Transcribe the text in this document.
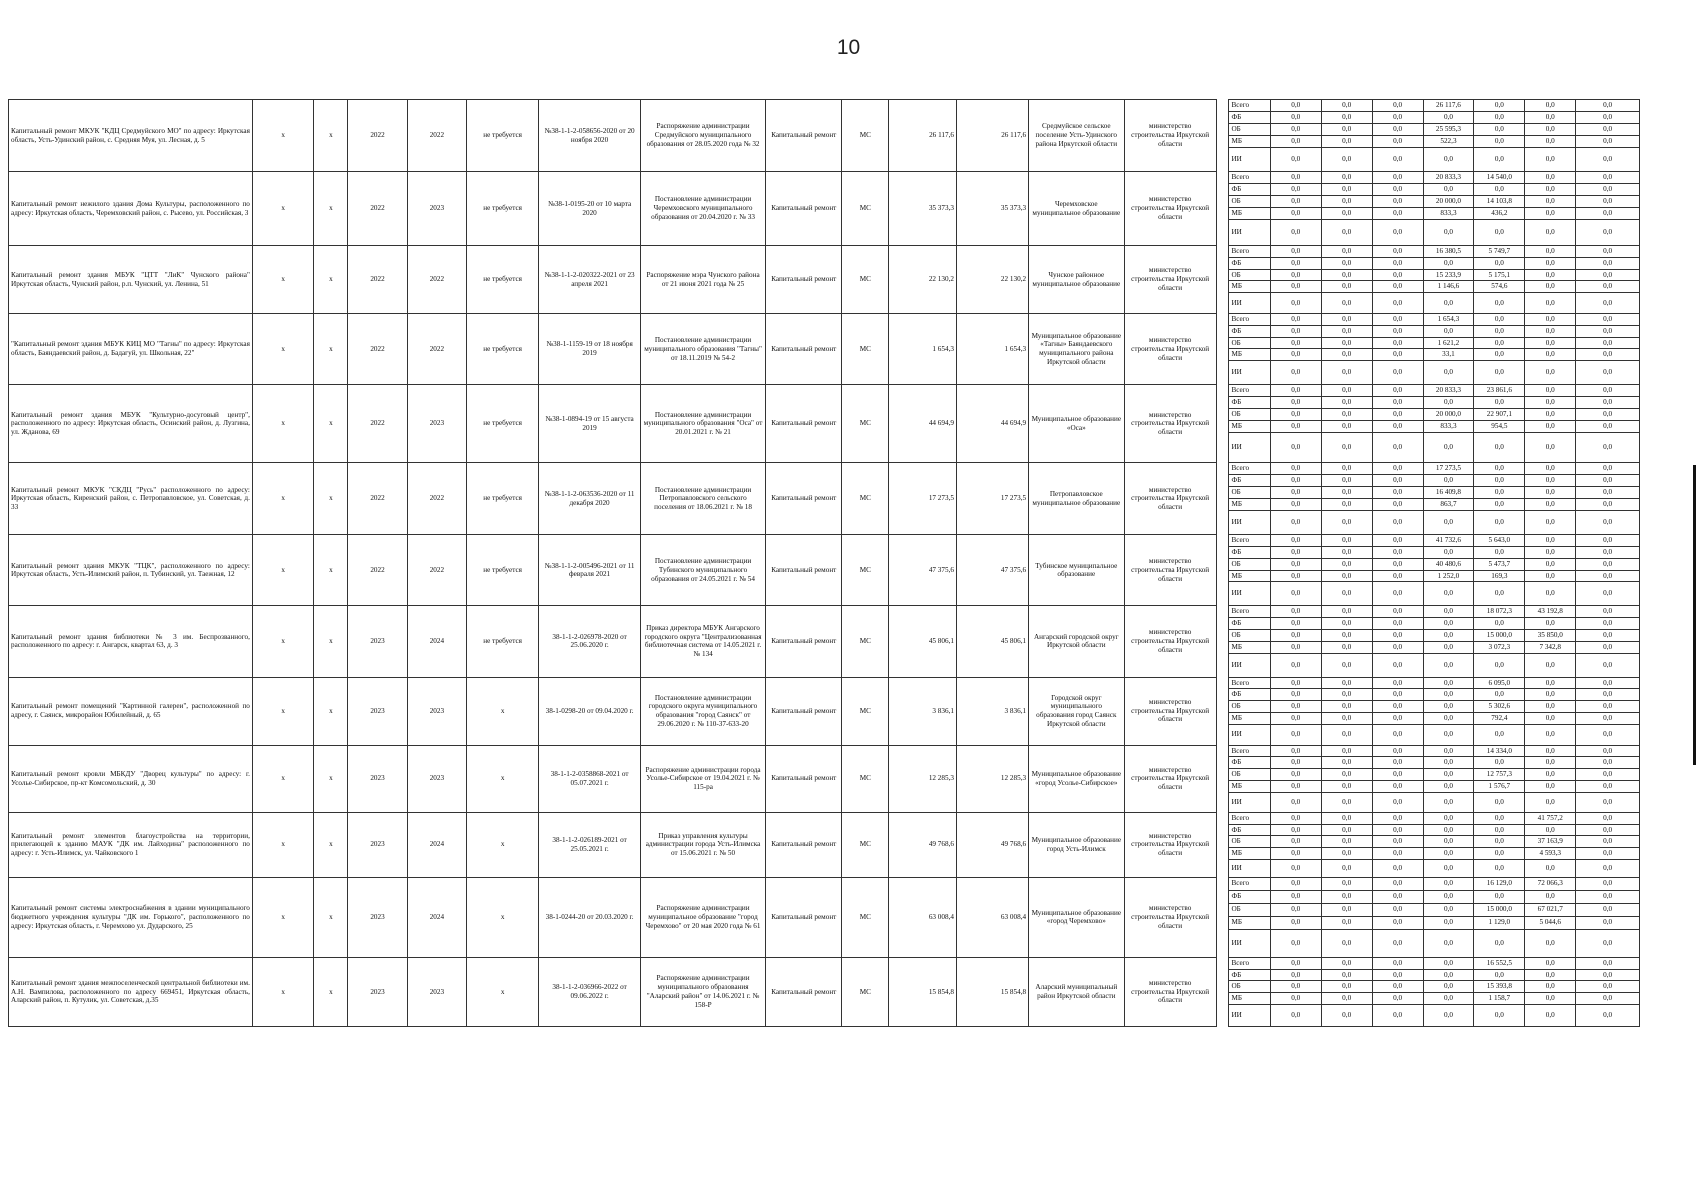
10
Капитальный ремонт МКУК "КДЦ Средмуйского МО" по адресу: Иркутская область, Усть-Удинский район, с. Средняя Муя, ул. Лесная, д. 5	х	х	2022	2022	не требуется	№38-1-1-2-058656-2020 от 20 ноября 2020	Распоряжение администрации Средмуйского муниципального образования от 28.05.2020 года № 32	Капитальный ремонт	МС	26 117,6	26 117,6	Средмуйское сельское поселение Усть-Удинского района Иркутской области	министерство строительства Иркутской области		Всего	0,0	0,0	0,0	26 117,6	0,0	0,0	0,0
															ФБ	0,0	0,0	0,0	0,0	0,0	0,0	0,0
															ОБ	0,0	0,0	0,0	25 595,3	0,0	0,0	0,0
															МБ	0,0	0,0	0,0	522,3	0,0	0,0	0,0
															ИИ	0,0	0,0	0,0	0,0	0,0	0,0	0,0
Капитальный ремонт нежилого здания Дома Культуры, расположенного по адресу: Иркутская область, Черемховский район, с. Рысево, ул. Российская, 3	х	х	2022	2023	не требуется	№38-1-0195-20 от 10 марта 2020	Постановление администрации Черемховского муниципального образования от 20.04.2020 г. № 33	Капитальный ремонт	МС	35 373,3	35 373,3	Черемховское муниципальное образование	министерство строительства Иркутской области		Всего	0,0	0,0	0,0	20 833,3	14 540,0	0,0	0,0
															ФБ	0,0	0,0	0,0	0,0	0,0	0,0	0,0
															ОБ	0,0	0,0	0,0	20 000,0	14 103,8	0,0	0,0
															МБ	0,0	0,0	0,0	833,3	436,2	0,0	0,0
															ИИ	0,0	0,0	0,0	0,0	0,0	0,0	0,0
Капитальный ремонт здания МБУК "ЦТТ "ЛиК" Чунского района" Иркутская область, Чунский район, р.п. Чунский, ул. Ленина, 51	х	х	2022	2022	не требуется	№38-1-1-2-020322-2021 от 23 апреля 2021	Распоряжение мэра Чунского района от 21 июня 2021 года № 25	Капитальный ремонт	МС	22 130,2	22 130,2	Чунское районное муниципальное образование	министерство строительства Иркутской области		Всего	0,0	0,0	0,0	16 380,5	5 749,7	0,0	0,0
															ФБ	0,0	0,0	0,0	0,0	0,0	0,0	0,0
															ОБ	0,0	0,0	0,0	15 233,9	5 175,1	0,0	0,0
															МБ	0,0	0,0	0,0	1 146,6	574,6	0,0	0,0
															ИИ	0,0	0,0	0,0	0,0	0,0	0,0	0,0
"Капитальный ремонт здания МБУК КИЦ МО "Тагны" по адресу: Иркутская область, Баяндаевский район, д. Бадагуй, ул. Школьная, 22"	х	х	2022	2022	не требуется	№38-1-1159-19 от 18 ноября 2019	Постановление администрации муниципального образования "Тагны" от 18.11.2019 № 54-2	Капитальный ремонт	МС	1 654,3	1 654,3	Муниципальное образование «Тагны» Баяндаевского муниципального района Иркутской области	министерство строительства Иркутской области		Всего	0,0	0,0	0,0	1 654,3	0,0	0,0	0,0
															ФБ	0,0	0,0	0,0	0,0	0,0	0,0	0,0
															ОБ	0,0	0,0	0,0	1 621,2	0,0	0,0	0,0
															МБ	0,0	0,0	0,0	33,1	0,0	0,0	0,0
															ИИ	0,0	0,0	0,0	0,0	0,0	0,0	0,0
Капитальный ремонт здания МБУК "Культурно-досуговый центр", расположенного по адресу: Иркутская область, Осинский район, д. Лузгина, ул. Жданова, 69	х	х	2022	2023	не требуется	№38-1-0894-19 от 15 августа 2019	Постановление администрации муниципального образования "Оса" от 20.01.2021 г. № 21	Капитальный ремонт	МС	44 694,9	44 694,9	Муниципальное образование «Оса»	министерство строительства Иркутской области		Всего	0,0	0,0	0,0	20 833,3	23 861,6	0,0	0,0
															ФБ	0,0	0,0	0,0	0,0	0,0	0,0	0,0
															ОБ	0,0	0,0	0,0	20 000,0	22 907,1	0,0	0,0
															МБ	0,0	0,0	0,0	833,3	954,5	0,0	0,0
															ИИ	0,0	0,0	0,0	0,0	0,0	0,0	0,0
Капитальный ремонт МКУК "СКДЦ "Русь" расположенного по адресу: Иркутская область, Киренский район, с. Петропавловское, ул. Советская, д. 33	х	х	2022	2022	не требуется	№38-1-1-2-063536-2020 от 11 декабря 2020	Постановление администрации Петропавловского сельского поселения от 18.06.2021 г. № 18	Капитальный ремонт	МС	17 273,5	17 273,5	Петропавловское муниципальное образование	министерство строительства Иркутской области		Всего	0,0	0,0	0,0	17 273,5	0,0	0,0	0,0
															ФБ	0,0	0,0	0,0	0,0	0,0	0,0	0,0
															ОБ	0,0	0,0	0,0	16 409,8	0,0	0,0	0,0
															МБ	0,0	0,0	0,0	863,7	0,0	0,0	0,0
															ИИ	0,0	0,0	0,0	0,0	0,0	0,0	0,0
Капитальный ремонт здания МКУК "ТЦК", расположенного по адресу: Иркутская область, Усть-Илимский район, п. Тубинский, ул. Таежная, 12	х	х	2022	2022	не требуется	№38-1-1-2-005496-2021 от 11 февраля 2021	Постановление администрации Тубинского муниципального образования от 24.05.2021 г. № 54	Капитальный ремонт	МС	47 375,6	47 375,6	Тубинское муниципальное образование	министерство строительства Иркутской области		Всего	0,0	0,0	0,0	41 732,6	5 643,0	0,0	0,0
															ФБ	0,0	0,0	0,0	0,0	0,0	0,0	0,0
															ОБ	0,0	0,0	0,0	40 480,6	5 473,7	0,0	0,0
															МБ	0,0	0,0	0,0	1 252,0	169,3	0,0	0,0
															ИИ	0,0	0,0	0,0	0,0	0,0	0,0	0,0
Капитальный ремонт здания библиотеки № 3 им. Беспрозванного, расположенного по адресу: г. Ангарск, квартал 63, д. 3	х	х	2023	2024	не требуется	38-1-1-2-026978-2020 от 25.06.2020 г.	Приказ директора МБУК Ангарского городского округа "Централизованная библиотечная система от 14.05.2021 г. № 134	Капитальный ремонт	МС	45 806,1	45 806,1	Ангарский городской округ Иркутской области	министерство строительства Иркутской области		Всего	0,0	0,0	0,0	0,0	18 072,3	43 192,8	0,0
															ФБ	0,0	0,0	0,0	0,0	0,0	0,0	0,0
															ОБ	0,0	0,0	0,0	0,0	15 000,0	35 850,0	0,0
															МБ	0,0	0,0	0,0	0,0	3 072,3	7 342,8	0,0
															ИИ	0,0	0,0	0,0	0,0	0,0	0,0	0,0
Капитальный ремонт помещений "Картинной галереи", расположенной по адресу, г. Саянск, микрорайон Юбилейный, д. 65	х	х	2023	2023	х	38-1-0298-20 от 09.04.2020 г.	Постановление администрации городского округа муниципального образования "город Саянск" от 29.06.2020 г. № 110-37-633-20	Капитальный ремонт	МС	3 836,1	3 836,1	Городской округ муниципального образования город Саянск Иркутской области	министерство строительства Иркутской области		Всего	0,0	0,0	0,0	0,0	6 095,0	0,0	0,0
															ФБ	0,0	0,0	0,0	0,0	0,0	0,0	0,0
															ОБ	0,0	0,0	0,0	0,0	5 302,6	0,0	0,0
															МБ	0,0	0,0	0,0	0,0	792,4	0,0	0,0
															ИИ	0,0	0,0	0,0	0,0	0,0	0,0	0,0
Капитальный ремонт кровли МБКДУ "Дворец культуры" по адресу: г. Усолье-Сибирское, пр-кт Комсомольский, д. 30	х	х	2023	2023	х	38-1-1-2-0358868-2021 от 05.07.2021 г.	Распоряжение администрации города Усолье-Сибирское от 19.04.2021 г. № 115-ра	Капитальный ремонт	МС	12 285,3	12 285,3	Муниципальное образование «город Усолье-Сибирское»	министерство строительства Иркутской области		Всего	0,0	0,0	0,0	0,0	14 334,0	0,0	0,0
															ФБ	0,0	0,0	0,0	0,0	0,0	0,0	0,0
															ОБ	0,0	0,0	0,0	0,0	12 757,3	0,0	0,0
															МБ	0,0	0,0	0,0	0,0	1 576,7	0,0	0,0
															ИИ	0,0	0,0	0,0	0,0	0,0	0,0	0,0
Капитальный ремонт элементов благоустройства на территории, прилегающей к зданию МАУК "ДК им. Лайходина" расположенного по адресу: г. Усть-Илимск, ул. Чайковского 1	х	х	2023	2024	х	38-1-1-2-026189-2021 от 25.05.2021 г.	Приказ управления культуры администрации города Усть-Илимска от 15.06.2021 г. № 50	Капитальный ремонт	МС	49 768,6	49 768,6	Муниципальное образование город Усть-Илимск	министерство строительства Иркутской области		Всего	0,0	0,0	0,0	0,0	0,0	41 757,2	0,0
															ФБ	0,0	0,0	0,0	0,0	0,0	0,0	0,0
															ОБ	0,0	0,0	0,0	0,0	0,0	37 163,9	0,0
															МБ	0,0	0,0	0,0	0,0	0,0	4 593,3	0,0
															ИИ	0,0	0,0	0,0	0,0	0,0	0,0	0,0
Капитальный ремонт системы электроснабжения в здании муниципального бюджетного учреждения культуры "ДК им. Горького", расположенного по адресу: Иркутская область, г. Черемхово ул. Дударского, 25	х	х	2023	2024	х	38-1-0244-20 от 20.03.2020 г.	Распоряжение администрации муниципальное образование "город Черемхово" от 20 мая 2020 года № 61	Капитальный ремонт	МС	63 008,4	63 008,4	Муниципальное образование «город Черемхово»	министерство строительства Иркутской области		Всего	0,0	0,0	0,0	0,0	16 129,0	72 066,3	0,0
															ФБ	0,0	0,0	0,0	0,0	0,0	0,0	0,0
															ОБ	0,0	0,0	0,0	0,0	15 000,0	67 021,7	0,0
															МБ	0,0	0,0	0,0	0,0	1 129,0	5 044,6	0,0
															ИИ	0,0	0,0	0,0	0,0	0,0	0,0	0,0
Капитальный ремонт здания межпоселенческой центральной библиотеки им. А.Н. Вампилова, расположенного по адресу 669451, Иркутская область, Аларский район, п. Кутулик, ул. Советская, д.35	х	х	2023	2023	х	38-1-1-2-036966-2022 от 09.06.2022 г.	Распоряжение администрации муниципального образования "Аларский район" от 14.06.2021 г. № 158-Р	Капитальный ремонт	МС	15 854,8	15 854,8	Аларский муниципальный район Иркутской области	министерство строительства Иркутской области		Всего	0,0	0,0	0,0	0,0	16 552,5	0,0	0,0
															ФБ	0,0	0,0	0,0	0,0	0,0	0,0	0,0
															ОБ	0,0	0,0	0,0	0,0	15 393,8	0,0	0,0
															МБ	0,0	0,0	0,0	0,0	1 158,7	0,0	0,0
															ИИ	0,0	0,0	0,0	0,0	0,0	0,0	0,0
